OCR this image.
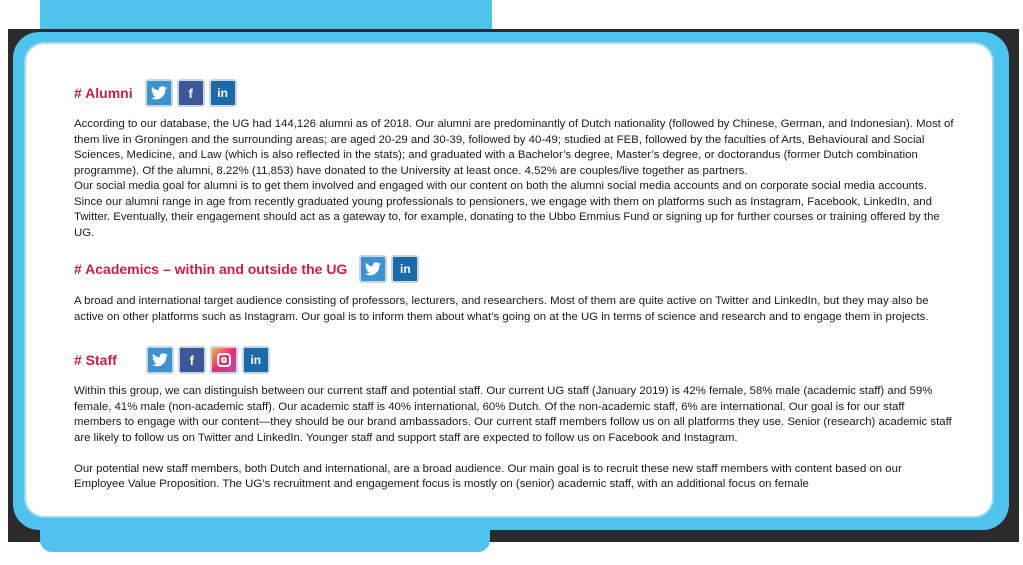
# Alumni	f in

According to our database, the UG had 144,126 alumni as of 2018. Our alumni are predominantly of Dutch nationality (followed by Chinese, German, and Indonesian). Most of them live in Groningen and the surrounding areas; are aged 20-29 and 30-39, followed by 40-49; studied at FEB, followed by the faculties of Arts, Behavioural and Social Sciences, Medicine, and Law (which is also reflected in the stats); and graduated with a Bachelor’s degree, Master’s degree, or doctorandus (former Dutch combination programme). Of the alumni, 8.22% (11,853) have donated to the University at least once. 4.52% are couples/live together as partners.

Our social media goal for alumni is to get them involved and engaged with our content on both the alumni social media accounts and on corporate social media accounts. Since our alumni range in age from recently graduated young professionals to pensioners, we engage with them on platforms such as Instagram, Facebook, LinkedIn, and Twitter. Eventually, their engagement should act as a gateway to, for example, donating to the Ubbo Emmius Fund or signing up for further courses or training offered by the UG.

# Academics – within and outside the UG	in

A broad and international target audience consisting of professors, lecturers, and researchers. Most of them are quite active on Twitter and LinkedIn, but they may also be active on other platforms such as Instagram. Our goal is to inform them about what’s going on at the UG in terms of science and research and to engage them in projects.

# Staff	f	in

Within this group, we can distinguish between our current staff and potential staff. Our current UG staff (January 2019) is 42% female, 58% male (academic staff) and 59% female, 41% male (non-academic staff). Our academic staff is 40% international, 60% Dutch. Of the non-academic staff, 6% are international. Our goal is for our staff members to engage with our content—they should be our brand ambassadors. Our current staff members follow us on all platforms they use. Senior (research) academic staff are likely to follow us on Twitter and LinkedIn. Younger staff and support staff are expected to follow us on Facebook and Instagram.

Our potential new staff members, both Dutch and international, are a broad audience. Our main goal is to recruit these new staff members with content based on our Employee Value Proposition. The UG’s recruitment and engagement focus is mostly on (senior) academic staff, with an additional focus on female
